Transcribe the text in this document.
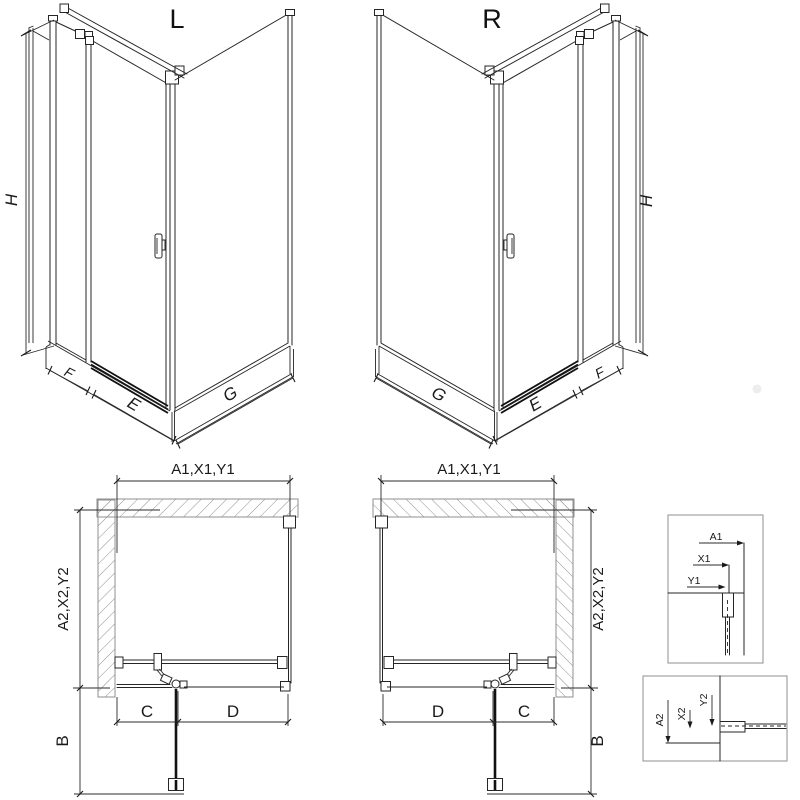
L
H
F
E	G
R
H
F
E
G
A1,X1,Y1
A2,X2,Y2
B
C	D
A1,X1,Y1
A2,X2,Y2
B
D	C
A1
X1
Y1
A2 X2
Y2
